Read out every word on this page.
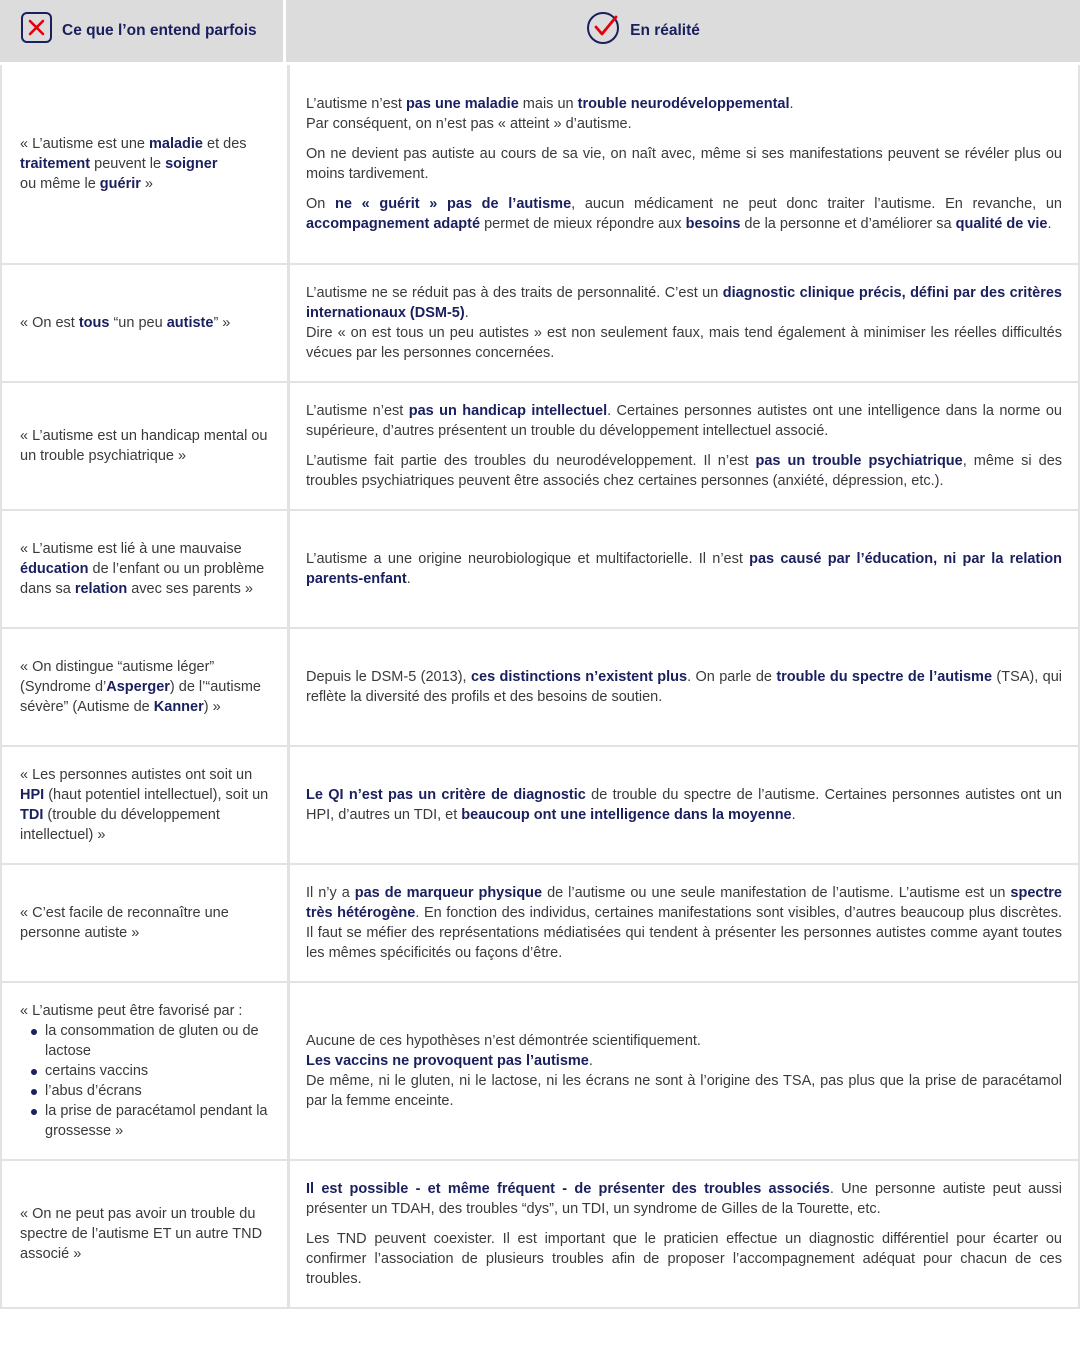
Ce que l’on entend parfois	En réalité
« L’autisme est une maladie et des
traitement peuvent le soigner
ou même le guérir »

L’autisme n’est pas une maladie mais un trouble neurodéveloppemental.
Par conséquent, on n’est pas « atteint » d’autisme.

On ne devient pas autiste au cours de sa vie, on naît avec, même si ses manifestations peuvent se révéler plus ou moins tardivement.

On ne « guérit » pas de l’autisme, aucun médicament ne peut donc traiter l’autisme. En revanche, un accompagnement adapté permet de mieux répondre aux besoins de la personne et d’améliorer sa qualité de vie.

« On est tous “un peu autiste” »

L’autisme ne se réduit pas à des traits de personnalité. C’est un diagnostic clinique précis, défini par des critères internationaux (DSM-5).
Dire « on est tous un peu autistes » est non seulement faux, mais tend également à minimiser les réelles difficultés vécues par les personnes concernées.

« L’autisme est un handicap mental ou un trouble psychiatrique »

L’autisme n’est pas un handicap intellectuel. Certaines personnes autistes ont une intelligence dans la norme ou supérieure, d’autres présentent un trouble du développement intellectuel associé.

L’autisme fait partie des troubles du neurodéveloppement. Il n’est pas un trouble psychiatrique, même si des troubles psychiatriques peuvent être associés chez certaines personnes (anxiété, dépression, etc.).

« L’autisme est lié à une mauvaise éducation de l’enfant ou un problème dans sa relation avec ses parents »

L’autisme a une origine neurobiologique et multifactorielle. Il n’est pas causé par l’éducation, ni par la relation parents-enfant.

« On distingue “autisme léger” (Syndrome d’Asperger) de l’“autisme sévère” (Autisme de Kanner) »

Depuis le DSM-5 (2013), ces distinctions n’existent plus. On parle de trouble du spectre de l’autisme (TSA), qui reflète la diversité des profils et des besoins de soutien.

« Les personnes autistes ont soit un HPI (haut potentiel intellectuel), soit un TDI (trouble du développement intellectuel) »

Le QI n’est pas un critère de diagnostic de trouble du spectre de l’autisme. Certaines personnes autistes ont un HPI, d’autres un TDI, et beaucoup ont une intelligence dans la moyenne.

« C’est facile de reconnaître une personne autiste »

Il n’y a pas de marqueur physique de l’autisme ou une seule manifestation de l’autisme. L’autisme est un spectre très hétérogène. En fonction des individus, certaines manifestations sont visibles, d’autres beaucoup plus discrètes. Il faut se méfier des représentations médiatisées qui tendent à présenter les personnes autistes comme ayant toutes les mêmes spécificités ou façons d’être.

« L’autisme peut être favorisé par :
la consommation de gluten ou de lactose
certains vaccins
l’abus d’écrans
la prise de paracétamol pendant la grossesse »

Aucune de ces hypothèses n’est démontrée scientifiquement.
Les vaccins ne provoquent pas l’autisme.
De même, ni le gluten, ni le lactose, ni les écrans ne sont à l’origine des TSA, pas plus que la prise de paracétamol par la femme enceinte.

« On ne peut pas avoir un trouble du spectre de l’autisme ET un autre TND associé »

Il est possible - et même fréquent - de présenter des troubles associés. Une personne autiste peut aussi présenter un TDAH, des troubles “dys”, un TDI, un syndrome de Gilles de la Tourette, etc.

Les TND peuvent coexister. Il est important que le praticien effectue un diagnostic différentiel pour écarter ou confirmer l’association de plusieurs troubles afin de proposer l’accompagnement adéquat pour chacun de ces troubles.
